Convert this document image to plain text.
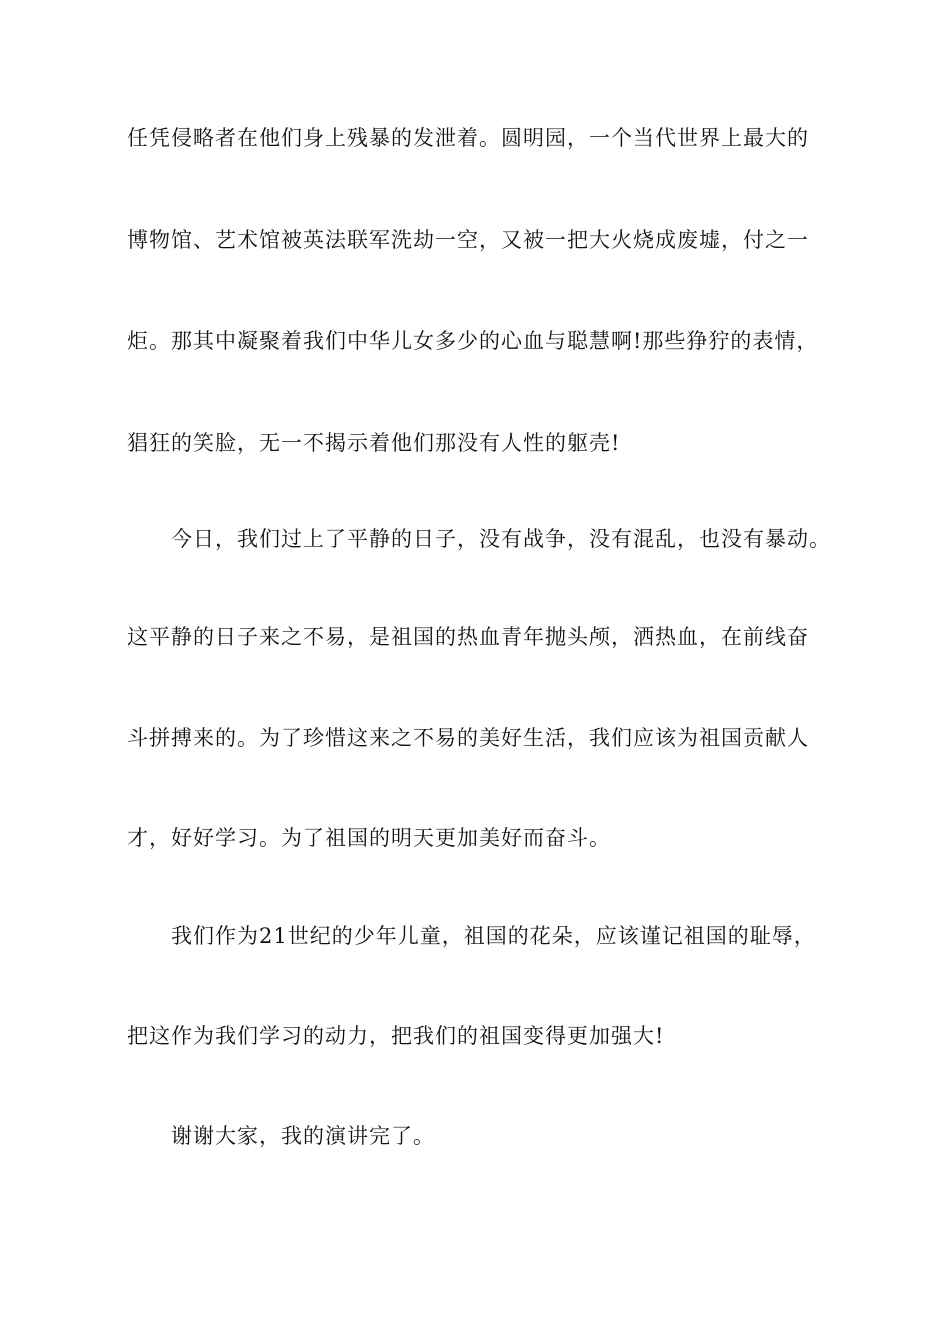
任凭侵略者在他们身上残暴的发泄着。圆明园，一个当代世界上最大的
博物馆、艺术馆被英法联军洗劫一空，又被一把大火烧成废墟，付之一
炬。那其中凝聚着我们中华儿女多少的心血与聪慧啊!那些狰狞的表情，
猖狂的笑脸，无一不揭示着他们那没有人性的躯壳!
今日，我们过上了平静的日子，没有战争，没有混乱，也没有暴动。
这平静的日子来之不易，是祖国的热血青年抛头颅，洒热血，在前线奋
斗拼搏来的。为了珍惜这来之不易的美好生活，我们应该为祖国贡献人
才，好好学习。为了祖国的明天更加美好而奋斗。
我们作为21世纪的少年儿童，祖国的花朵，应该谨记祖国的耻辱，
把这作为我们学习的动力，把我们的祖国变得更加强大!
谢谢大家，我的演讲完了。
